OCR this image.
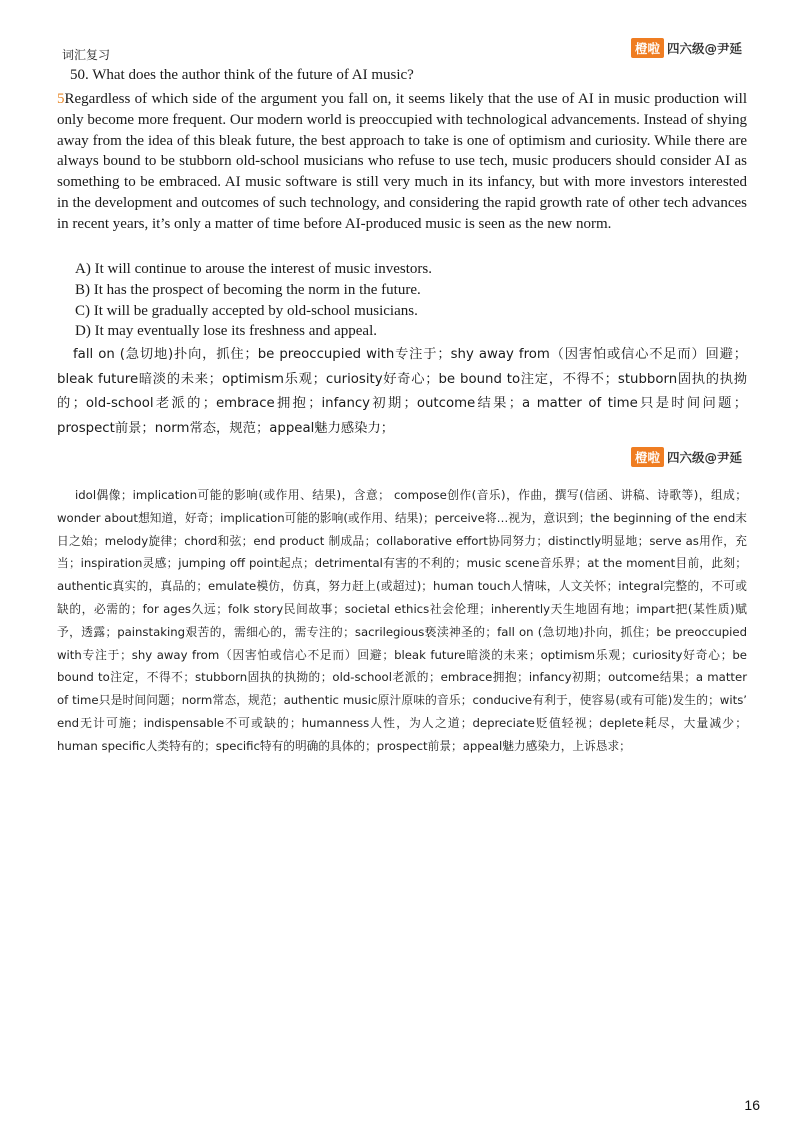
词汇复习	橙啦 四六级@尹延
50. What does the author think of the future of AI music?
5Regardless of which side of the argument you fall on, it seems likely that the use of AI in music production will only become more frequent. Our modern world is preoccupied with technological advancements. Instead of shying away from the idea of this bleak future, the best approach to take is one of optimism and curiosity. While there are always bound to be stubborn old-school musicians who refuse to use tech, music producers should consider AI as something to be embraced. AI music software is still very much in its infancy, but with more investors interested in the development and outcomes of such technology, and considering the rapid growth rate of other tech advances in recent years, it’s only a matter of time before AI-produced music is seen as the new norm.
A) It will continue to arouse the interest of music investors.
B) It has the prospect of becoming the norm in the future.
C) It will be gradually accepted by old-school musicians.
D) It may eventually lose its freshness and appeal.
fall on (急切地)扑向，抓住；be preoccupied with专注于；shy away from（因害怕或信心不足而）回避；bleak future暗淡的未来；optimism乐观；curiosity好奇心；be bound to注定，不得不；stubborn固执的执拗的；old-school老派的；embrace拥抱；infancy初期；outcome结果；a matter of time只是时间问题；prospect前景；norm常态，规范；appeal魅力感染力；
橙啦 四六级@尹延
idol偶像；implication可能的影响(或作用、结果)，含意； compose创作(音乐)，作曲，撰写(信函、讲稿、诗歌等)，组成；wonder about想知道，好奇；implication可能的影响(或作用、结果)；perceive将…视为，意识到；the beginning of the end末日之始；melody旋律；chord和弦；end product 制成品；collaborative effort协同努力；distinctly明显地；serve as用作，充当；inspiration灵感；jumping off point起点；detrimental有害的不利的；music scene音乐界；at the moment目前，此刻；authentic真实的，真品的；emulate模仿，仿真，努力赶上(或超过)；human touch人情味，人文关怀；integral完整的，不可或缺的，必需的；for ages久远；folk story民间故事；societal ethics社会伦理；inherently天生地固有地；impart把(某性质)赋予，透露；painstaking艰苦的，需细心的，需专注的；sacrilegious亵渎神圣的；fall on (急切地)扑向，抓住；be preoccupied with专注于；shy away from（因害怕或信心不足而）回避；bleak future暗淡的未来；optimism乐观；curiosity好奇心；be bound to注定，不得不；stubborn固执的执拗的；old-school老派的；embrace拥抱；infancy初期；outcome结果；a matter of time只是时间问题；norm常态，规范；authentic music原汁原味的音乐；conducive有利于，使容易(或有可能)发生的；wits’ end无计可施；indispensable不可或缺的；humanness人性，为人之道；depreciate贬值轻视；deplete耗尽，大量减少；human specific人类特有的；specific特有的明确的具体的；prospect前景；appeal魅力感染力，上诉恳求；
16
